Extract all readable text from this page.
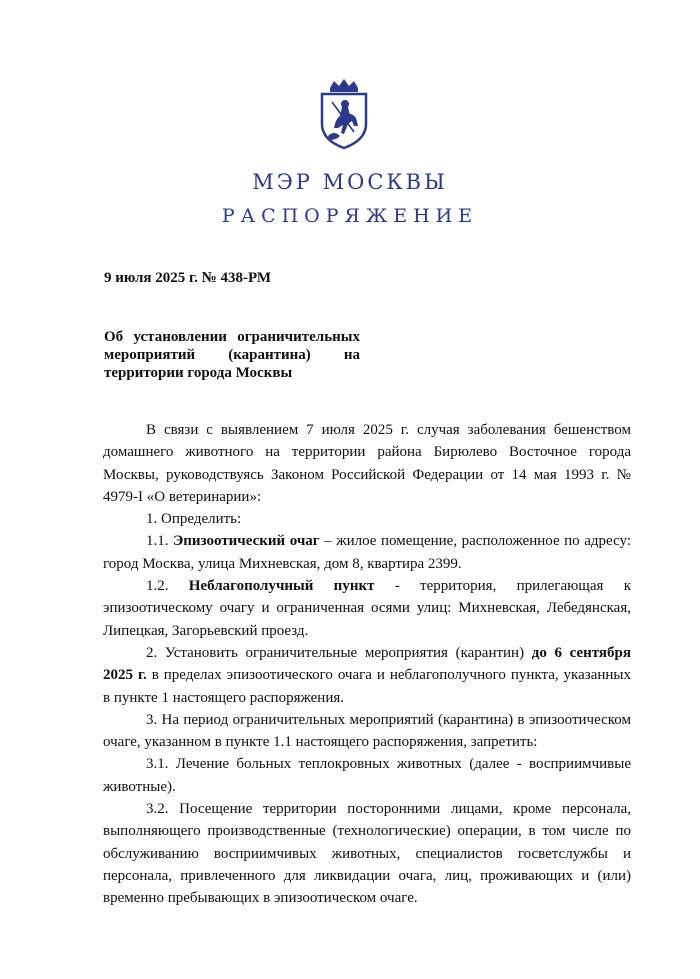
МЭР МОСКВЫ
РАСПОРЯЖЕНИЕ
9 июля 2025 г. № 438-РМ
Об установлении ограничительных
мероприятий (карантина) на
территории города Москвы

В связи с выявлением 7 июля 2025 г. случая заболевания бешенством домашнего животного на территории района Бирюлево Восточное города Москвы, руководствуясь Законом Российской Федерации от 14 мая 1993 г. № 4979-I «О ветеринарии»:

1. Определить:

1.1. Эпизоотический очаг – жилое помещение, расположенное по адресу: город Москва, улица Михневская, дом 8, квартира 2399.

1.2. Неблагополучный пункт - территория, прилегающая к эпизоотическому очагу и ограниченная осями улиц: Михневская, Лебедянская, Липецкая, Загорьевский проезд.

2. Установить ограничительные мероприятия (карантин) до 6 сентября 2025 г. в пределах эпизоотического очага и неблагополучного пункта, указанных в пункте 1 настоящего распоряжения.

3. На период ограничительных мероприятий (карантина) в эпизоотическом очаге, указанном в пункте 1.1 настоящего распоряжения, запретить:

3.1. Лечение больных теплокровных животных (далее - восприимчивые животные).

3.2. Посещение территории посторонними лицами, кроме персонала, выполняющего производственные (технологические) операции, в том числе по обслуживанию восприимчивых животных, специалистов госветслужбы и персонала, привлеченного для ликвидации очага, лиц, проживающих и (или) временно пребывающих в эпизоотическом очаге.
